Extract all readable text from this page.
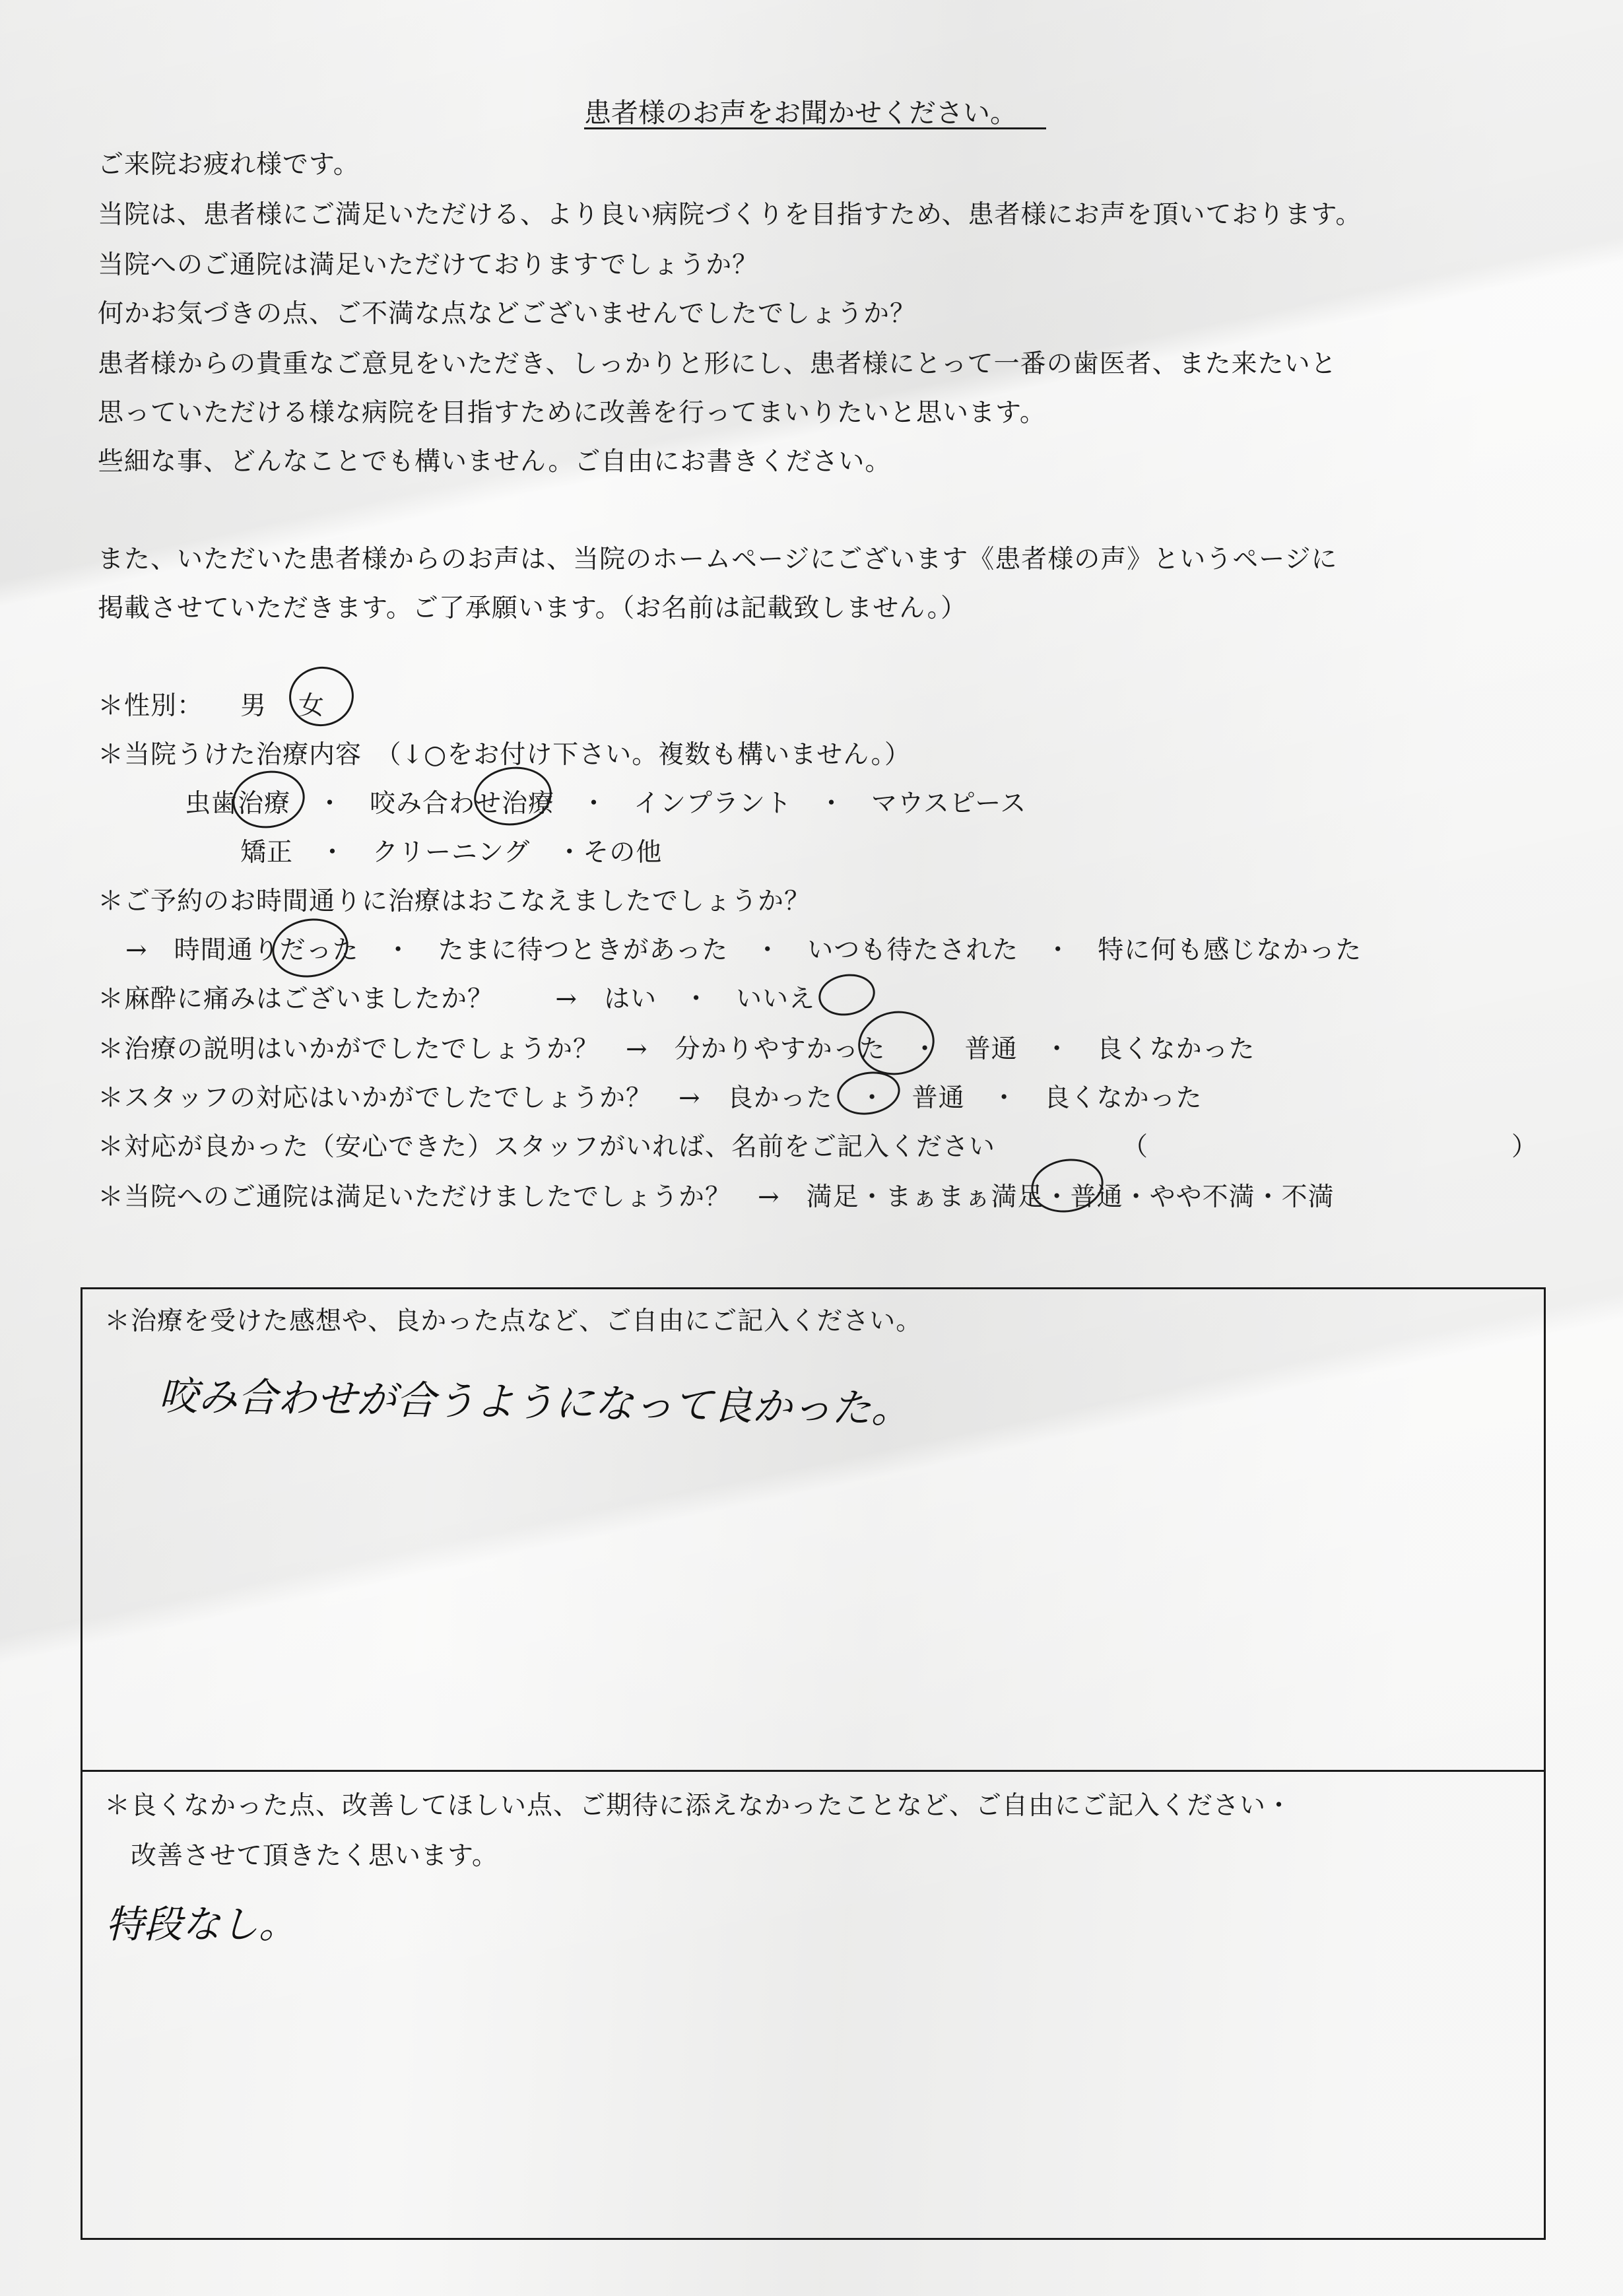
患者様のお声をお聞かせください。
ご来院お疲れ様です。
当院は、患者様にご満足いただける、より良い病院づくりを目指すため、患者様にお声を頂いております。
当院へのご通院は満足いただけておりますでしょうか？
何かお気づきの点、ご不満な点などございませんでしたでしょうか？
患者様からの貴重なご意見をいただき、しっかりと形にし、患者様にとって一番の歯医者、また来たいと
思っていただける様な病院を目指すために改善を行ってまいりたいと思います。
些細な事、どんなことでも構いません。ご自由にお書きください。
また、いただいた患者様からのお声は、当院のホームページにございます《患者様の声》というページに
掲載させていただきます。ご了承願います。（お名前は記載致しません。）
＊性別： 男 女
＊当院うけた治療内容　（↓○をお付け下さい。複数も構いません。）
虫歯治療　・　咬み合わせ治療　・　インプラント　・　マウスピース
矯正　・　クリーニング　・その他
＊ご予約のお時間通りに治療はおこなえましたでしょうか？
→　時間通りだった　・　たまに待つときがあった　・　いつも待たされた　・　特に何も感じなかった
＊麻酔に痛みはございましたか？　　 →　はい　・　いいえ
＊治療の説明はいかがでしたでしょうか？　→　分かりやすかった　・　普通　・　良くなかった
＊スタッフの対応はいかがでしたでしょうか？　→　良かった　・　普通　・　良くなかった
＊対応が良かった（安心できた）スタッフがいれば、名前をご記入ください	（	）
＊当院へのご通院は満足いただけましたでしょうか？　→　満足・まぁまぁ満足・普通・やや不満・不満
＊治療を受けた感想や、良かった点など、ご自由にご記入ください。
咬み合わせが合うようになって良かった。
＊良くなかった点、改善してほしい点、ご期待に添えなかったことなど、ご自由にご記入ください・
改善させて頂きたく思います。
特段なし。
